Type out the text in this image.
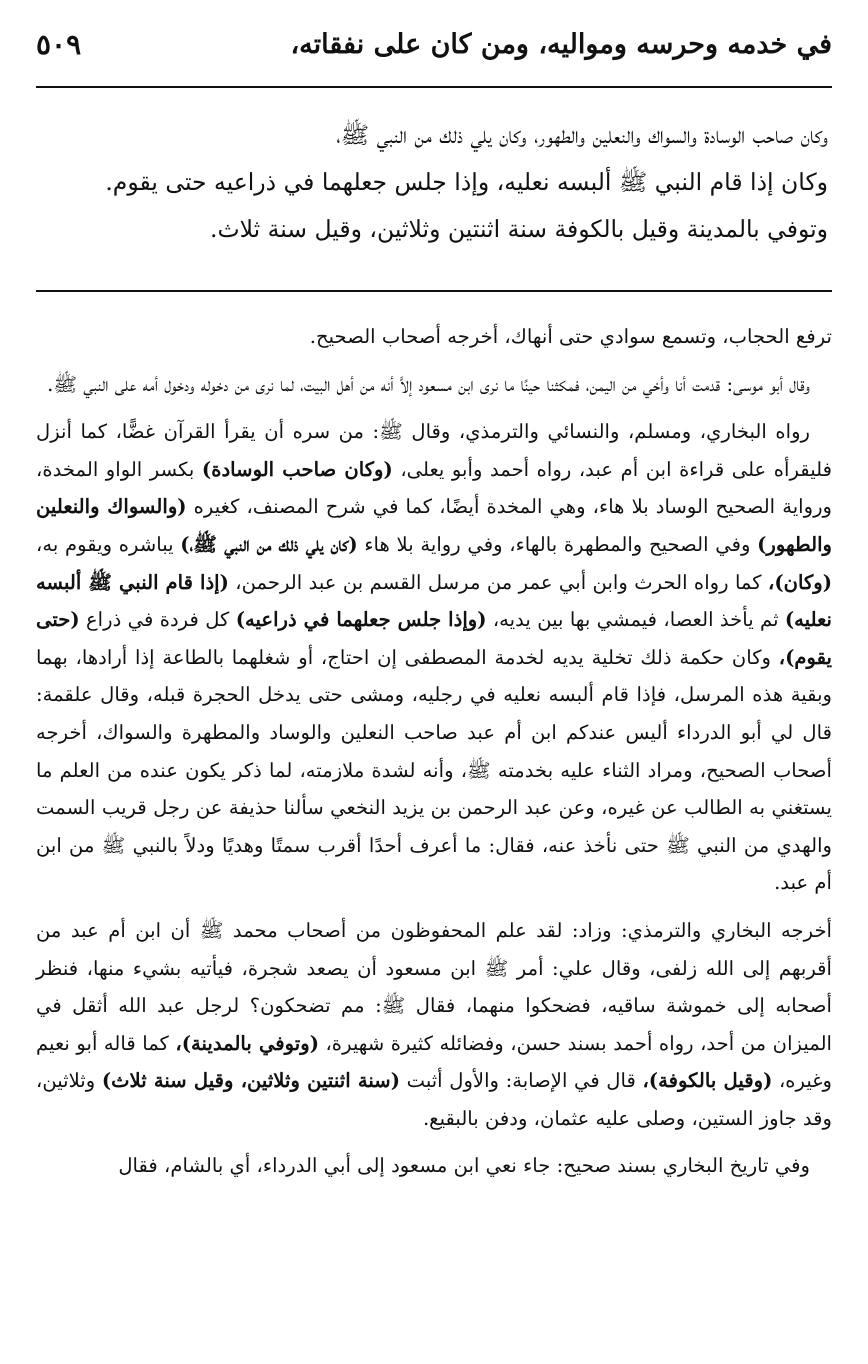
في خدمه وحرسه ومواليه، ومن كان على نفقاته،
٥٠٩

وكان صاحب الوسادة والسواك والنعلين والطهور، وكان يلي ذلك من النبي ﷺ،

وكان إذا قام النبي ﷺ ألبسه نعليه، وإذا جلس جعلهما في ذراعيه حتى يقوم.

وتوفي بالمدينة وقيل بالكوفة سنة اثنتين وثلاثين، وقيل سنة ثلاث.

ترفع الحجاب، وتسمع سوادي حتى أنهاك، أخرجه أصحاب الصحيح.

وقال أبو موسى: قدمت أنا وأخي من اليمن، فمكثنا حينًا ما نرى ابن مسعود إلاَّ أنه من أهل البيت، لما نرى من دخوله ودخول أمه على النبي ﷺ.

رواه البخاري، ومسلم، والنسائي والترمذي، وقال ﷺ: من سره أن يقرأ القرآن غضًّا، كما أنزل فليقرأه على قراءة ابن أم عبد، رواه أحمد وأبو يعلى، (وكان صاحب الوسادة) بكسر الواو المخدة، ورواية الصحيح الوساد بلا هاء، وهي المخدة أيضًا، كما في شرح المصنف، كغيره (والسواك والنعلين والطهور) وفي الصحيح والمطهرة بالهاء، وفي رواية بلا هاء (كان يلي ذلك من النبي ﷺ،) يباشره ويقوم به، (وكان)، كما رواه الحرث وابن أبي عمر من مرسل القسم بن عبد الرحمن، (إذا قام النبي ﷺ ألبسه نعليه) ثم يأخذ العصا، فيمشي بها بين يديه، (وإذا جلس جعلهما في ذراعيه) كل فردة في ذراع (حتى يقوم)، وكان حكمة ذلك تخلية يديه لخدمة المصطفى إن احتاج، أو شغلهما بالطاعة إذا أرادها، بهما وبقية هذه المرسل، فإذا قام ألبسه نعليه في رجليه، ومشى حتى يدخل الحجرة قبله، وقال علقمة: قال لي أبو الدرداء أليس عندكم ابن أم عبد صاحب النعلين والوساد والمطهرة والسواك، أخرجه أصحاب الصحيح، ومراد الثناء عليه بخدمته ﷺ، وأنه لشدة ملازمته، لما ذكر يكون عنده من العلم ما يستغني به الطالب عن غيره، وعن عبد الرحمن بن يزيد النخعي سألنا حذيفة عن رجل قريب السمت والهدي من النبي ﷺ حتى نأخذ عنه، فقال: ما أعرف أحدًا أقرب سمتًا وهديًا ودلاً بالنبي ﷺ من ابن أم عبد.

أخرجه البخاري والترمذي: وزاد: لقد علم المحفوظون من أصحاب محمد ﷺ أن ابن أم عبد من أقربهم إلى الله زلفى، وقال علي: أمر ﷺ ابن مسعود أن يصعد شجرة، فيأتيه بشيء منها، فنظر أصحابه إلى خموشة ساقيه، فضحكوا منهما، فقال ﷺ: مم تضحكون؟ لرجل عبد الله أثقل في الميزان من أحد، رواه أحمد بسند حسن، وفضائله كثيرة شهيرة، (وتوفي بالمدينة)، كما قاله أبو نعيم وغيره، (وقيل بالكوفة)، قال في الإصابة: والأول أثبت (سنة اثنتين وثلاثين، وقيل سنة ثلاث) وثلاثين، وقد جاوز الستين، وصلى عليه عثمان، ودفن بالبقيع.

وفي تاريخ البخاري بسند صحيح: جاء نعي ابن مسعود إلى أبي الدرداء، أي بالشام، فقال
